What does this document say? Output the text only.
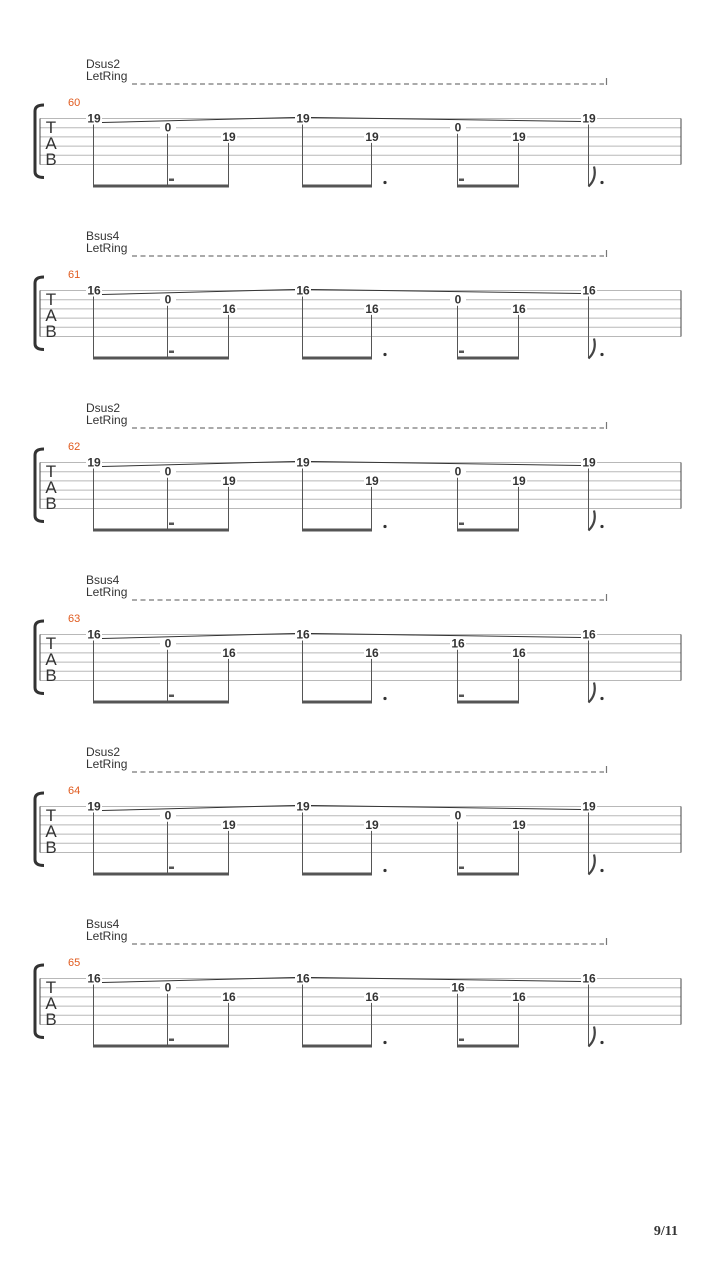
Dsus2
LetRing
60
T
A
B
19
0
19
19
19
0
19
19
Bsus4
LetRing
61
T
A
B
16
0
16
16
16
0
16
16
Dsus2
LetRing
62
T
A
B
19
0
19
19
19
0
19
19
Bsus4
LetRing
63
T
A
B
16
0
16
16
16
16
16
16
Dsus2
LetRing
64
T
A
B
19
0
19
19
19
0
19
19
Bsus4
LetRing
65
T
A
B
16
0
16
16
16
16
16
16
9/11
